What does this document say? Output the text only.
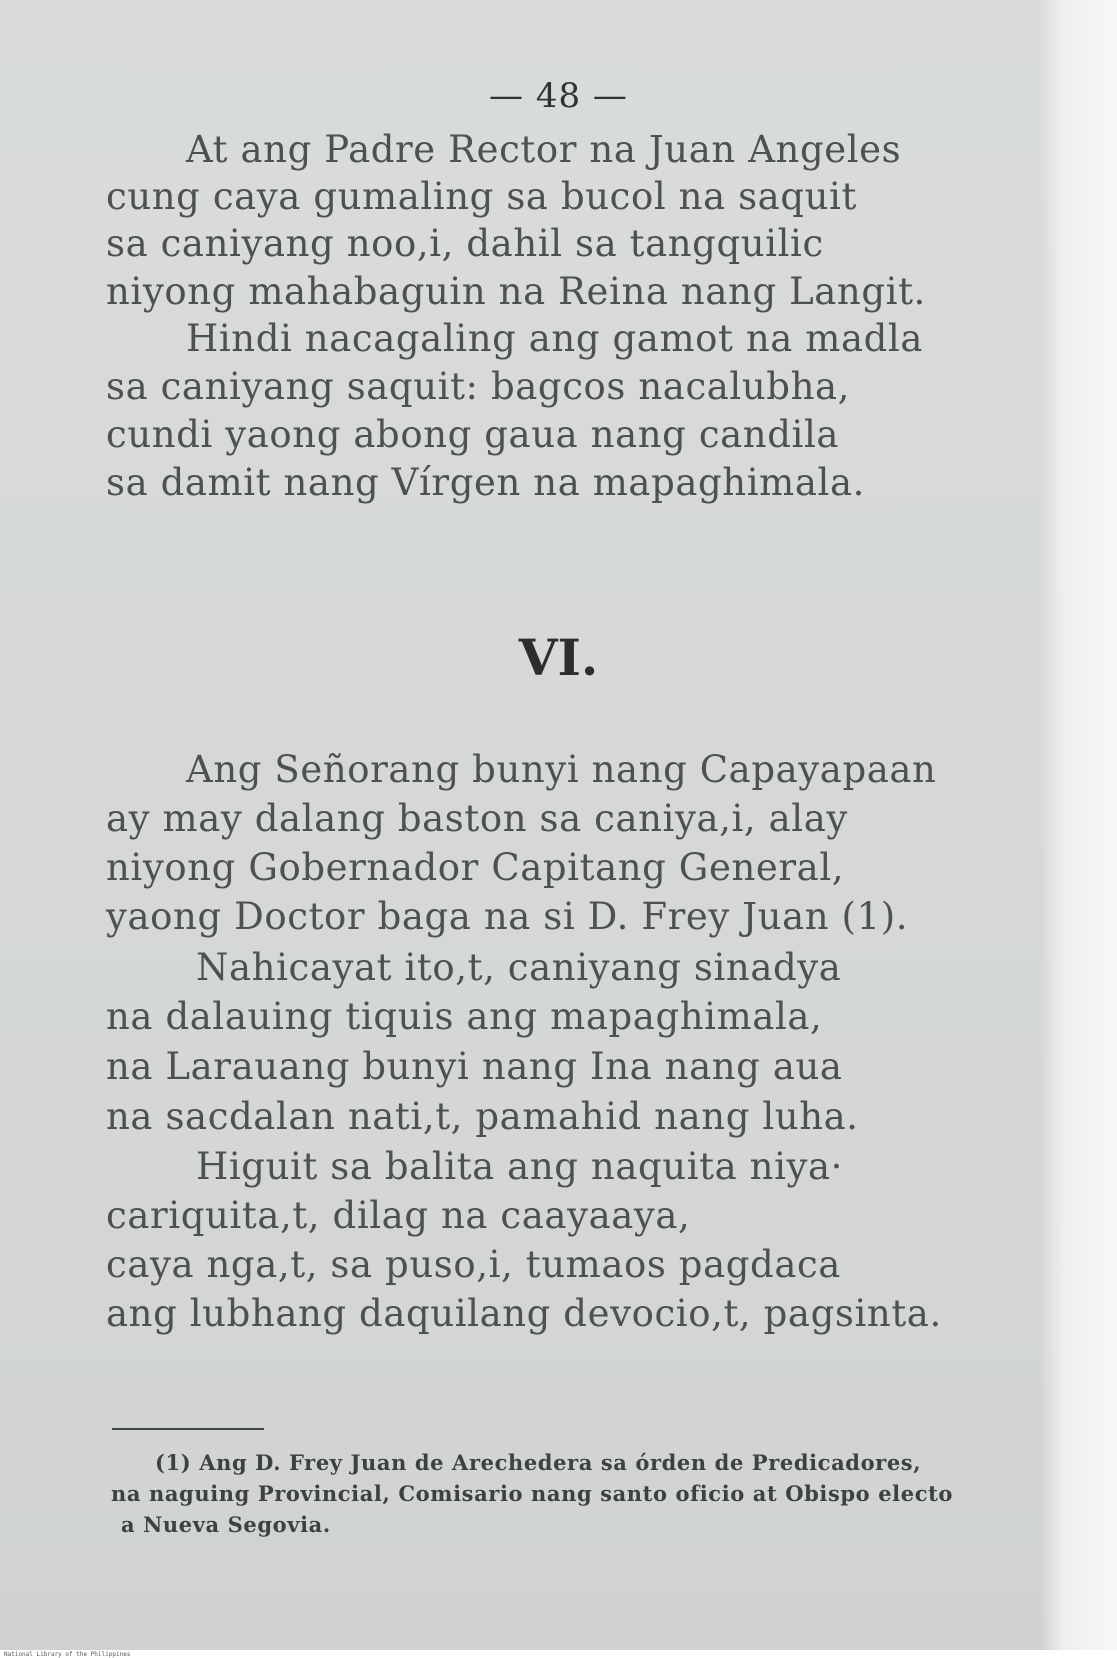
— 48 —
At ang Padre Rector na Juan Angeles
cung caya gumaling sa bucol na saquit
sa caniyang noo,i, dahil sa tangquilic
niyong mahabaguin na Reina nang Langit.
Hindi nacagaling ang gamot na madla
sa caniyang saquit: bagcos nacalubha,
cundi yaong abong gaua nang candila
sa damit nang Vírgen na mapaghimala.
VI.
Ang Señorang bunyi nang Capayapaan
ay may dalang baston sa caniya,i, alay
niyong Gobernador Capitang General,
yaong Doctor baga na si D. Frey Juan (1).
Nahicayat ito,t, caniyang sinadya
na dalauing tiquis ang mapaghimala,
na Larauang bunyi nang Ina nang aua
na sacdalan nati,t, pamahid nang luha.
Higuit sa balita ang naquita niya·
cariquita,t, dilag na caayaaya,
caya nga,t, sa puso,i, tumaos pagdaca
ang lubhang daquilang devocio,t, pagsinta.
(1) Ang D. Frey Juan de Arechedera sa órden de Predicadores,
na naguing Provincial, Comisario nang santo oficio at Obispo electo
a Nueva Segovia.
National Library of the Philippines
